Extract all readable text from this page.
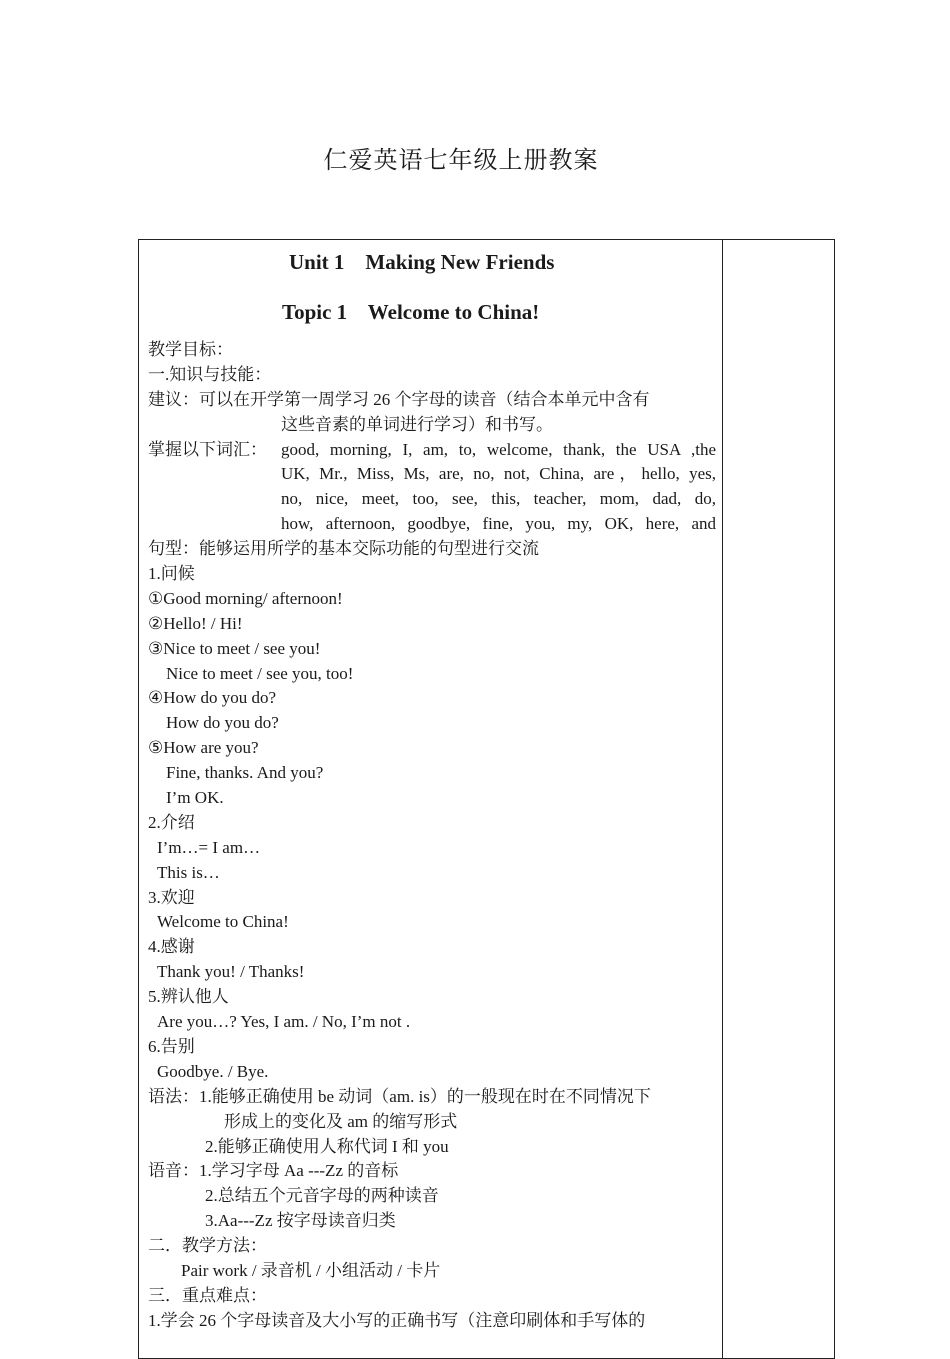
仁爱英语七年级上册教案
Unit 1    Making New Friends
Topic 1    Welcome to China!
教学目标：
一.知识与技能：
建议： 可以在开学第一周学习 26 个字母的读音（结合本单元中含有
这些音素的单词进行学习）和书写。
掌握以下词汇： good, morning, I, am, to, welcome, thank, the USA ,the
UK, Mr., Miss, Ms, are, no, not, China, are，hello, yes,
no, nice, meet, too, see, this, teacher, mom, dad, do,
how, afternoon, goodbye, fine, you, my, OK, here, and
句型：能够运用所学的基本交际功能的句型进行交流
1.问候
①Good morning/ afternoon!
②Hello! / Hi!
③Nice to meet / see you!
Nice to meet / see you, too!
④How do you do?
How do you do?
⑤How are you?
Fine, thanks. And you?
I’m OK.
2.介绍
I’m…= I am…
This is…
3.欢迎
Welcome to China!
4.感谢
Thank you! / Thanks!
5.辨认他人
Are you…? Yes, I am. / No, I’m not .
6.告别
Goodbye. / Bye.
语法： 1.能够正确使用 be 动词（am. is）的一般现在时在不同情况下
形成上的变化及 am 的缩写形式
2.能够正确使用人称代词 I 和 you
语音： 1.学习字母 Aa ---Zz 的音标
2.总结五个元音字母的两种读音
3.Aa---Zz 按字母读音归类
二．教学方法：
Pair work / 录音机 / 小组活动 / 卡片
三．重点难点：
1.学会 26 个字母读音及大小写的正确书写（注意印刷体和手写体的
